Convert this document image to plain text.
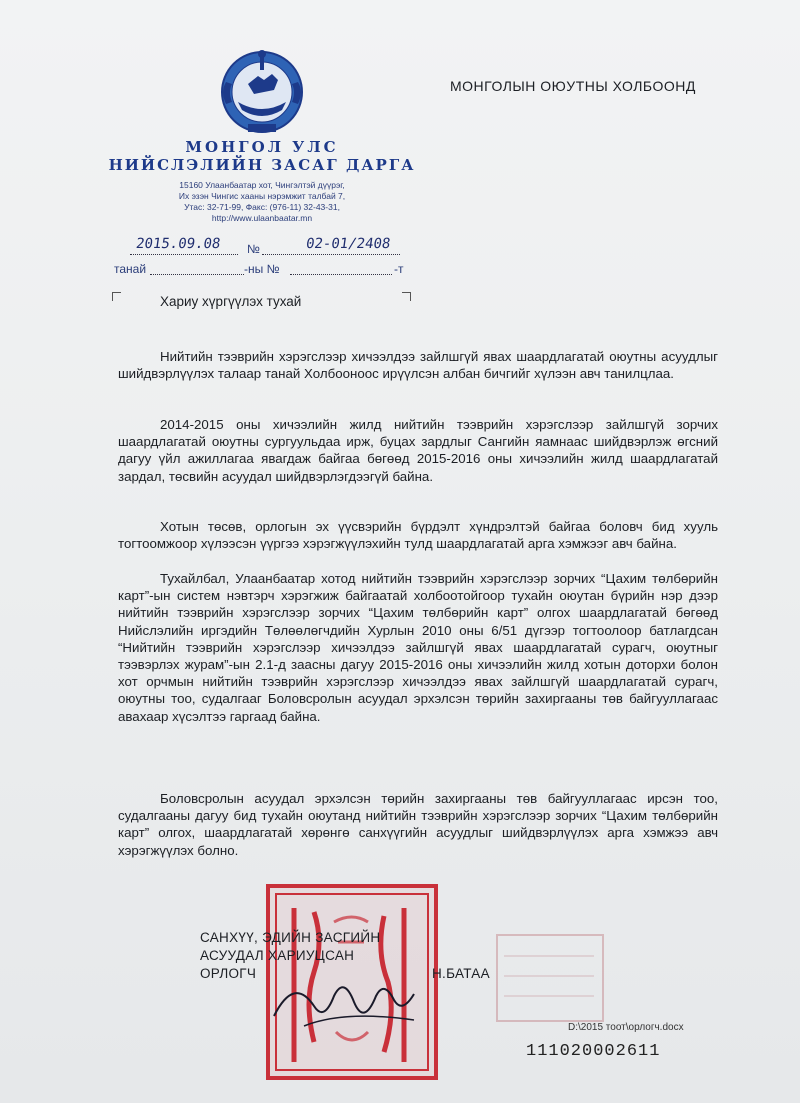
МОНГОЛ УЛС
НИЙСЛЭЛИЙН ЗАСАГ ДАРГА
15160 Улаанбаатар хот, Чингэлтэй дүүрэг,
Их эзэн Чингис хааны нэрэмжит талбай 7,
Утас: 32-71-99, Факс: (976-11) 32-43-31,
http://www.ulaanbaatar.mn
МОНГОЛЫН ОЮУТНЫ ХОЛБООНД
2015.09.08 №	02-01/2408
танай	-ны №	-т
Хариу хүргүүлэх тухай

Нийтийн тээврийн хэрэгслээр хичээлдээ зайлшгүй явах шаардлагатай оюутны асуудлыг шийдвэрлүүлэх талаар танай Холбооноос ирүүлсэн албан бичгийг хүлээн авч танилцлаа.

2014-2015 оны хичээлийн жилд нийтийн тээврийн хэрэгслээр зайлшгүй зорчих шаардлагатай оюутны сургуульдаа ирж, буцах зардлыг Сангийн яамнаас шийдвэрлэж өгсний дагуу үйл ажиллагаа явагдаж байгаа бөгөөд 2015-2016 оны хичээлийн жилд шаардлагатай зардал, төсвийн асуудал шийдвэрлэгдээгүй байна.

Хотын төсөв, орлогын эх үүсвэрийн бүрдэлт хүндрэлтэй байгаа боловч бид хууль тогтоомжоор хүлээсэн үүргээ хэрэгжүүлэхийн тулд шаардлагатай арга хэмжээг авч байна.

Тухайлбал, Улаанбаатар хотод нийтийн тээврийн хэрэгслээр зорчих “Цахим төлбөрийн карт”-ын систем нэвтэрч хэрэгжиж байгаатай холбоотойгоор тухайн оюутан бүрийн нэр дээр нийтийн тээврийн хэрэгслээр зорчих “Цахим төлбөрийн карт” олгох шаардлагатай бөгөөд Нийслэлийн иргэдийн Төлөөлөгчдийн Хурлын 2010 оны 6/51 дүгээр тогтоолоор батлагдсан “Нийтийн тээврийн хэрэгслээр хичээлдээ зайлшгүй явах шаардлагатай сурагч, оюутныг тээвэрлэх журам”-ын 2.1-д заасны дагуу 2015-2016 оны хичээлийн жилд хотын доторхи болон хот орчмын нийтийн тээврийн хэрэгслээр хичээлдээ явах зайлшгүй шаардлагатай сурагч, оюутны тоо, судалгааг Боловсролын асуудал эрхэлсэн төрийн захиргааны төв байгууллагаас авахаар хүсэлтээ гаргаад байна.

Боловсролын асуудал эрхэлсэн төрийн захиргааны төв байгууллагаас ирсэн тоо, судалгааны дагуу бид тухайн оюутанд нийтийн тээврийн хэрэгслээр зорчих “Цахим төлбөрийн карт” олгох, шаардлагатай хөрөнгө санхүүгийн асуудлыг шийдвэрлүүлэх арга хэмжээ авч хэрэгжүүлэх болно.

САНХҮҮ, ЭДИЙН ЗАСГИЙН
АСУУДАЛ ХАРИУЦСАН
ОРЛОГЧ	Н.БАТАА
D:\2015 тоот\орлогч.docx
111020002611
